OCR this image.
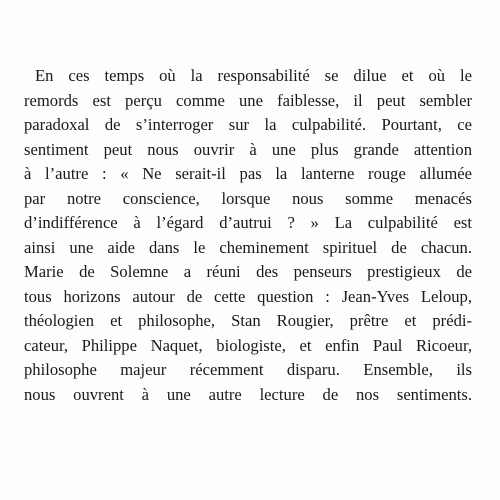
En ces temps où la responsabilité se dilue et où le
remords est perçu comme une faiblesse, il peut sembler
paradoxal de s’interroger sur la culpabilité. Pourtant, ce
sentiment peut nous ouvrir à une plus grande attention
à l’autre : « Ne serait-il pas la lanterne rouge allumée
par notre conscience, lorsque nous somme menacés
d’indifférence à l’égard d’autrui ? » La culpabilité est
ainsi une aide dans le cheminement spirituel de chacun.
Marie de Solemne a réuni des penseurs prestigieux de
tous horizons autour de cette question : Jean-Yves Leloup,
théologien et philosophe, Stan Rougier, prêtre et prédi-
cateur, Philippe Naquet, biologiste, et enfin Paul Ricoeur,
philosophe majeur récemment disparu. Ensemble, ils
nous ouvrent à une autre lecture de nos sentiments.
